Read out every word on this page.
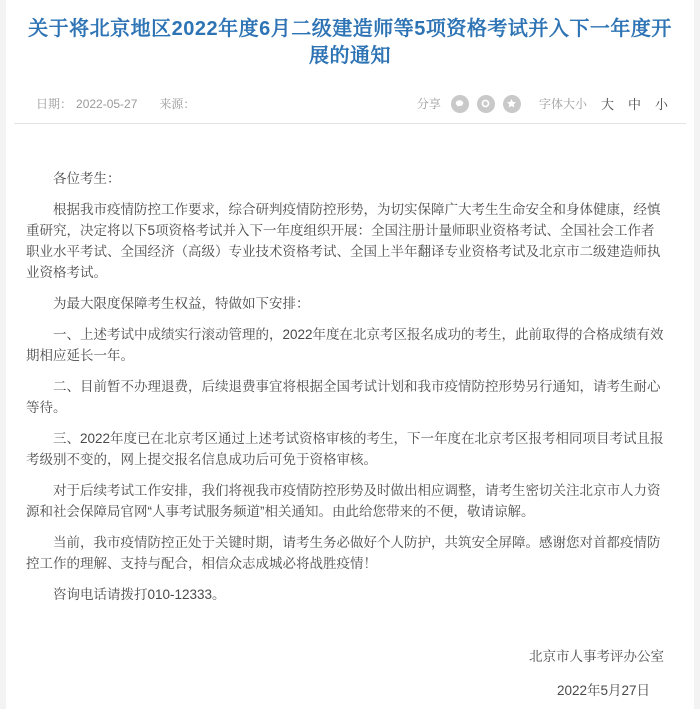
关于将北京地区2022年度6月二级建造师等5项资格考试并入下一年度开展的通知
日期： 2022-05-27 来源：	分享	字体大小 大 中 小

各位考生：

根据我市疫情防控工作要求，综合研判疫情防控形势，为切实保障广大考生生命安全和身体健康，经慎重研究，决定将以下5项资格考试并入下一年度组织开展：全国注册计量师职业资格考试、全国社会工作者职业水平考试、全国经济（高级）专业技术资格考试、全国上半年翻译专业资格考试及北京市二级建造师执业资格考试。

为最大限度保障考生权益，特做如下安排：

一、上述考试中成绩实行滚动管理的，2022年度在北京考区报名成功的考生，此前取得的合格成绩有效期相应延长一年。

二、目前暂不办理退费，后续退费事宜将根据全国考试计划和我市疫情防控形势另行通知，请考生耐心等待。

三、2022年度已在北京考区通过上述考试资格审核的考生，下一年度在北京考区报考相同项目考试且报考级别不变的，网上提交报名信息成功后可免于资格审核。

对于后续考试工作安排，我们将视我市疫情防控形势及时做出相应调整，请考生密切关注北京市人力资源和社会保障局官网“人事考试服务频道”相关通知。由此给您带来的不便，敬请谅解。

当前，我市疫情防控正处于关键时期，请考生务必做好个人防护，共筑安全屏障。感谢您对首都疫情防控工作的理解、支持与配合，相信众志成城必将战胜疫情！

咨询电话请拨打010-12333。

北京市人事考评办公室
2022年5月27日
